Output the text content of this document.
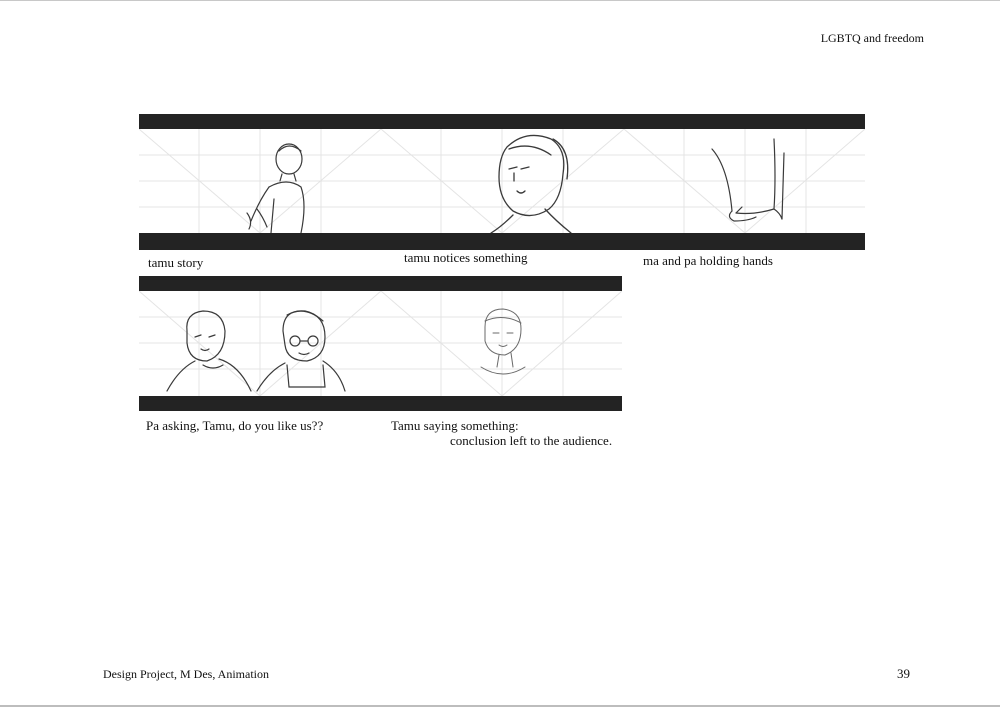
LGBTQ and freedom
tamu story	tamu notices something	ma and pa holding hands
Pa asking, Tamu, do you like us??	Tamu saying something:
conclusion left to the audience.
Design Project, M Des, Animation	39
